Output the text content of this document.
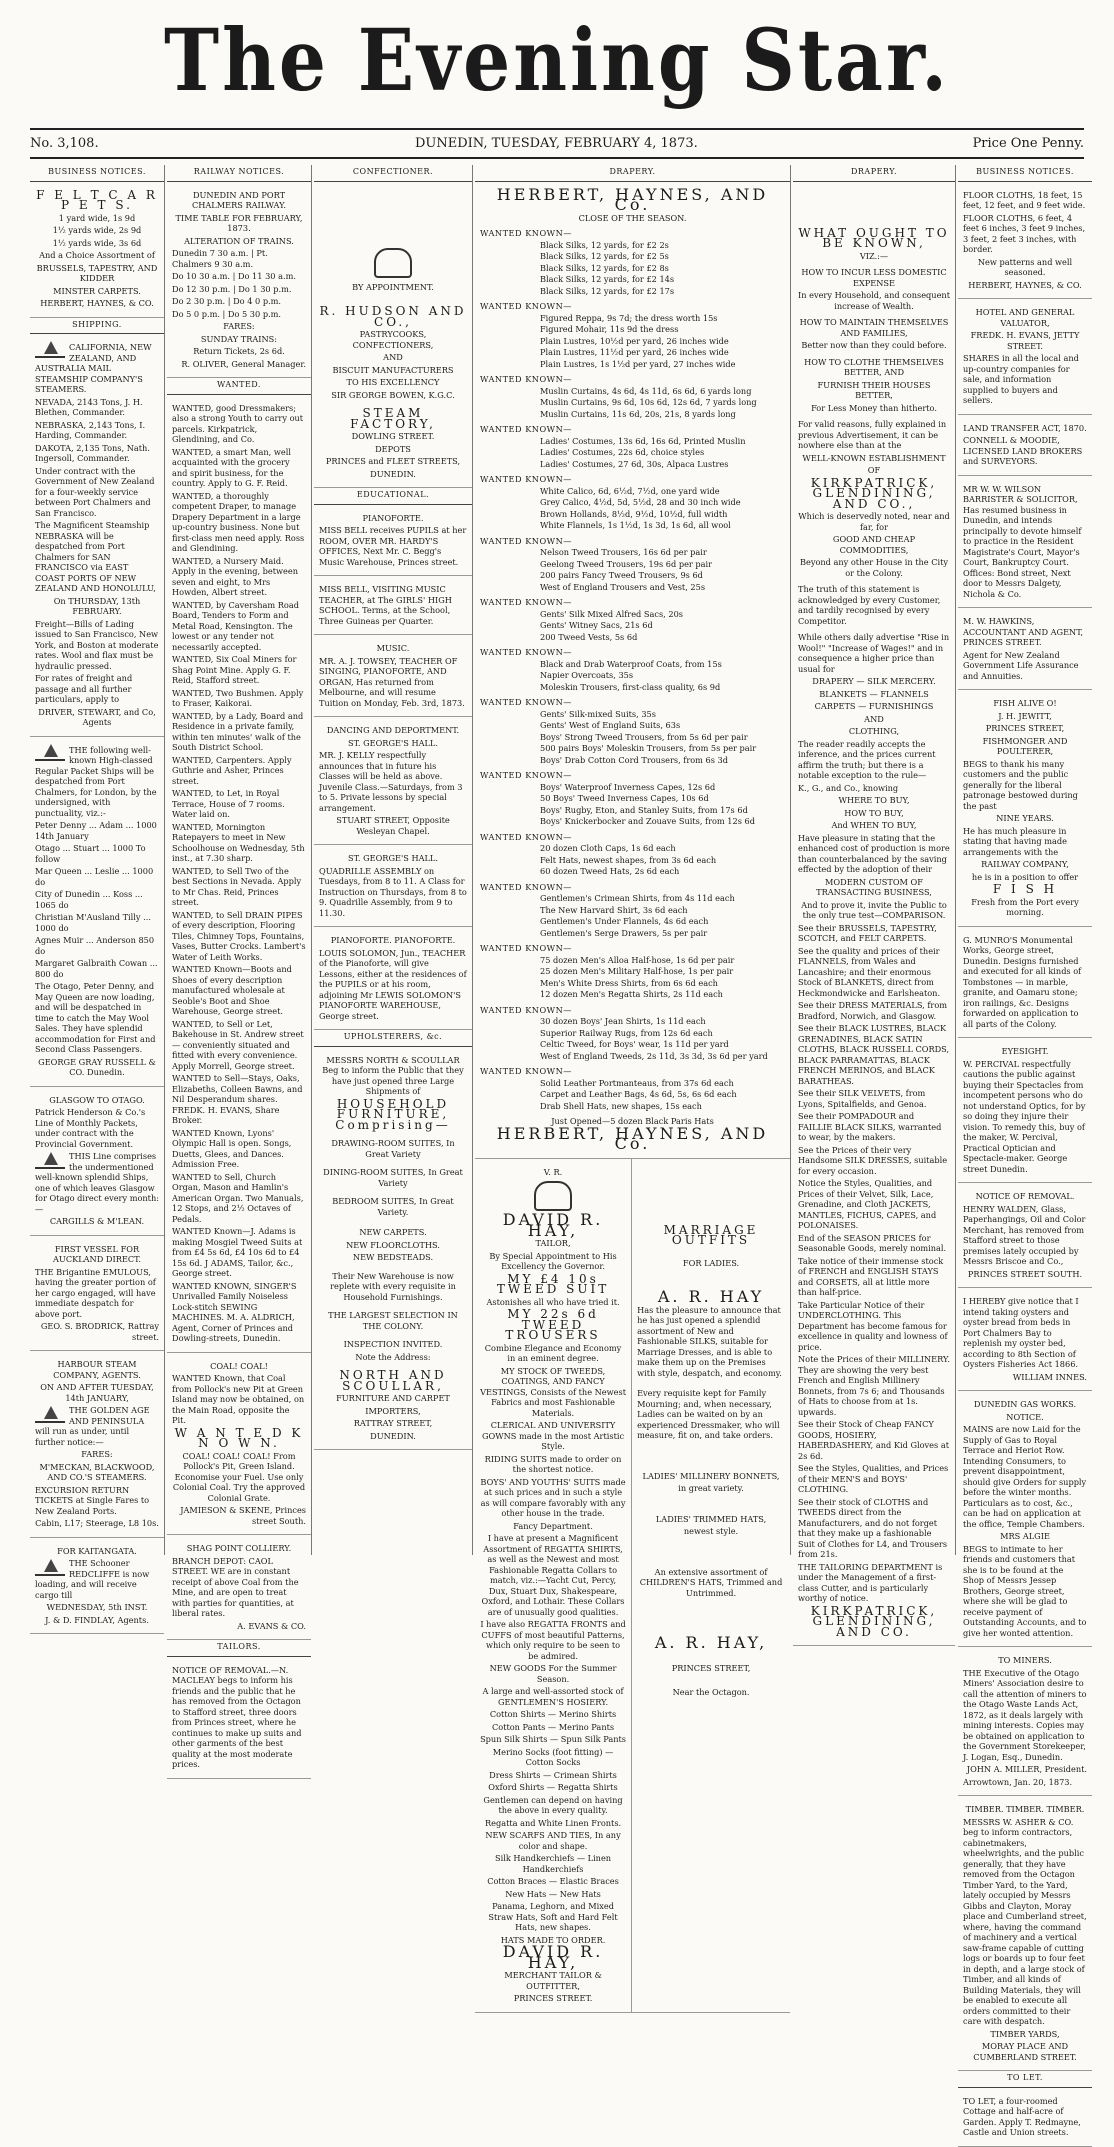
The Evening Star.
No. 3,108.	DUNEDIN, TUESDAY, FEBRUARY 4, 1873.	Price One Penny.
BUSINESS NOTICES.

F E L T C A R P E T S.

1 yard wide, 1s 9d

1½ yards wide, 2s 9d

1½ yards wide, 3s 6d

And a Choice Assortment of

BRUSSELS, TAPESTRY, AND KIDDER

MINSTER CARPETS.

HERBERT, HAYNES, & CO.

SHIPPING.

CALIFORNIA, NEW ZEALAND, AND AUSTRALIA MAIL STEAMSHIP COMPANY'S STEAMERS.

NEVADA, 2143 Tons, J. H. Blethen, Commander.

NEBRASKA, 2,143 Tons, I. Harding, Commander.

DAKOTA, 2,135 Tons, Nath. Ingersoll, Commander.

Under contract with the Government of New Zealand for a four-weekly service between Port Chalmers and San Francisco.

The Magnificent Steamship NEBRASKA will be despatched from Port Chalmers for SAN FRANCISCO via EAST COAST PORTS OF NEW ZEALAND AND HONOLULU,

On THURSDAY, 13th FEBRUARY.

Freight—Bills of Lading issued to San Francisco, New York, and Boston at moderate rates. Wool and flax must be hydraulic pressed.

For rates of freight and passage and all further particulars, apply to

DRIVER, STEWART, and Co, Agents

THE following well-known High-classed Regular Packet Ships will be despatched from Port Chalmers, for London, by the undersigned, with punctuality, viz.:-

Peter Denny ... Adam ... 1000 14th January

Otago ... Stuart ... 1000 To follow

Mar Queen ... Leslie ... 1000 do

City of Dunedin ... Koss ... 1065 do

Christian M'Ausland Tilly ... 1000 do

Agnes Muir ... Anderson 850 do

Margaret Galbraith Cowan ... 800 do

The Otago, Peter Denny, and May Queen are now loading, and will be despatched in time to catch the May Wool Sales. They have splendid accommodation for First and Second Class Passengers.

GEORGE GRAY RUSSELL & CO. Dunedin.

GLASGOW TO OTAGO.

Patrick Henderson & Co.'s Line of Monthly Packets, under contract with the Provincial Government.

THIS Line comprises the undermentioned well-known splendid Ships, one of which leaves Glasgow for Otago direct every month:—

CARGILLS & M'LEAN.

FIRST VESSEL FOR AUCKLAND DIRECT.

THE Brigantine EMULOUS, having the greater portion of her cargo engaged, will have immediate despatch for above port.

GEO. S. BRODRICK, Rattray street.

HARBOUR STEAM COMPANY, AGENTS.

ON AND AFTER TUESDAY, 14th JANUARY,

THE GOLDEN AGE AND PENINSULA will run as under, until further notice:—

FARES:

M'MECKAN, BLACKWOOD, AND CO.'S STEAMERS.

EXCURSION RETURN TICKETS at Single Fares to New Zealand Ports.

Cabin, L17; Steerage, L8 10s.

FOR KAITANGATA.

THE Schooner REDCLIFFE is now loading, and will receive cargo till

WEDNESDAY, 5th INST.

J. & D. FINDLAY, Agents.

RAILWAY NOTICES.

DUNEDIN AND PORT CHALMERS RAILWAY.

TIME TABLE FOR FEBRUARY, 1873.

ALTERATION OF TRAINS.

Dunedin 7 30 a.m. | Pt. Chalmers 9 30 a.m.

Do 10 30 a.m. | Do 11 30 a.m.

Do 12 30 p.m. | Do 1 30 p.m.

Do 2 30 p.m. | Do 4 0 p.m.

Do 5 0 p.m. | Do 5 30 p.m.

FARES:

SUNDAY TRAINS:

Return Tickets, 2s 6d.

R. OLIVER, General Manager.

WANTED.

WANTED, good Dressmakers; also a strong Youth to carry out parcels. Kirkpatrick, Glendining, and Co.

WANTED, a smart Man, well acquainted with the grocery and spirit business, for the country. Apply to G. F. Reid.

WANTED, a thoroughly competent Draper, to manage Drapery Department in a large up-country business. None but first-class men need apply. Ross and Glendining.

WANTED, a Nursery Maid. Apply in the evening, between seven and eight, to Mrs Howden, Albert street.

WANTED, by Caversham Road Board, Tenders to Form and Metal Road, Kensington. The lowest or any tender not necessarily accepted.

WANTED, Six Coal Miners for Shag Point Mine. Apply G. F. Reid, Stafford street.

WANTED, Two Bushmen. Apply to Fraser, Kaikorai.

WANTED, by a Lady, Board and Residence in a private family, within ten minutes' walk of the South District School.

WANTED, Carpenters. Apply Guthrie and Asher, Princes street.

WANTED, to Let, in Royal Terrace, House of 7 rooms. Water laid on.

WANTED, Mornington Ratepayers to meet in New Schoolhouse on Wednesday, 5th inst., at 7.30 sharp.

WANTED, to Sell Two of the best Sections in Nevada. Apply to Mr Chas. Reid, Princes street.

WANTED, to Sell DRAIN PIPES of every description, Flooring Tiles, Chimney Tops, Fountains, Vases, Butter Crocks. Lambert's Water of Leith Works.

WANTED Known—Boots and Shoes of every description manufactured wholesale at Seoble's Boot and Shoe Warehouse, George street.

WANTED, to Sell or Let, Bakehouse in St. Andrew street — conveniently situated and fitted with every convenience. Apply Morrell, George street.

WANTED to Sell—Stays, Oaks, Elizabeths, Colleen Bawns, and Nil Desperandum shares. FREDK. H. EVANS, Share Broker.

WANTED Known, Lyons' Olympic Hall is open. Songs, Duetts, Glees, and Dances. Admission Free.

WANTED to Sell, Church Organ, Mason and Hamlin's American Organ. Two Manuals, 12 Stops, and 2½ Octaves of Pedals.

WANTED Known—J. Adams is making Mosgiel Tweed Suits at from £4 5s 6d, £4 10s 6d to £4 15s 6d. J ADAMS, Tailor, &c., George street.

WANTED KNOWN, SINGER'S Unrivalled Family Noiseless Lock-stitch SEWING MACHINES. M. A. ALDRICH, Agent, Corner of Princes and Dowling-streets, Dunedin.

COAL! COAL!

WANTED Known, that Coal from Pollock's new Pit at Green Island may now be obtained, on the Main Road, opposite the Pit.

W A N T E D K N O W N.

COAL! COAL! COAL! From Pollock's Pit, Green Island. Economise your Fuel. Use only Colonial Coal. Try the approved Colonial Grate.

JAMIESON & SKENE, Princes street South.

SHAG POINT COLLIERY.

BRANCH DEPOT: CAOL STREET. WE are in constant receipt of above Coal from the Mine, and are open to treat with parties for quantities, at liberal rates.

A. EVANS & CO.

TAILORS.

NOTICE OF REMOVAL.—N. MACLEAY begs to inform his friends and the public that he has removed from the Octagon to Stafford street, three doors from Princes street, where he continues to make up suits and other garments of the best quality at the most moderate prices.

CONFECTIONER.

BY APPOINTMENT.

R. HUDSON AND CO.,

PASTRYCOOKS, CONFECTIONERS,

AND

BISCUIT MANUFACTURERS

TO HIS EXCELLENCY

SIR GEORGE BOWEN, K.G.C.

STEAM FACTORY,

DOWLING STREET.

DEPOTS

PRINCES and FLEET STREETS,

DUNEDIN.

EDUCATIONAL.

PIANOFORTE.

MISS BELL receives PUPILS at her ROOM, OVER MR. HARDY'S OFFICES, Next Mr. C. Begg's Music Warehouse, Princes street.

MISS BELL, VISITING MUSIC TEACHER, at The GIRLS' HIGH SCHOOL. Terms, at the School, Three Guineas per Quarter.

MUSIC.

MR. A. J. TOWSEY, TEACHER OF SINGING, PIANOFORTE, AND ORGAN, Has returned from Melbourne, and will resume Tuition on Monday, Feb. 3rd, 1873.

DANCING AND DEPORTMENT.

ST. GEORGE'S HALL.

MR. J. KELLY respectfully announces that in future his Classes will be held as above. Juvenile Class.—Saturdays, from 3 to 5. Private lessons by special arrangement.

STUART STREET, Opposite Wesleyan Chapel.

ST. GEORGE'S HALL.

QUADRILLE ASSEMBLY on Tuesdays, from 8 to 11. A Class for Instruction on Thursdays, from 8 to 9. Quadrille Assembly, from 9 to 11.30.

PIANOFORTE. PIANOFORTE.

LOUIS SOLOMON, Jun., TEACHER of the Pianoforte, will give Lessons, either at the residences of the PUPILS or at his room, adjoining Mr LEWIS SOLOMON'S PIANOFORTE WAREHOUSE, George street.

UPHOLSTERERS, &c.

MESSRS NORTH & SCOULLAR Beg to inform the Public that they have just opened three Large Shipments of

HOUSEHOLD FURNITURE, Comprising—

DRAWING-ROOM SUITES, In Great Variety

DINING-ROOM SUITES, In Great Variety

BEDROOM SUITES, In Great Variety.

NEW CARPETS.

NEW FLOORCLOTHS.

NEW BEDSTEADS.

Their New Warehouse is now replete with every requisite in Household Furnishings.

THE LARGEST SELECTION IN THE COLONY.

INSPECTION INVITED.

Note the Address:

NORTH AND SCOULLAR,

FURNITURE AND CARPET

IMPORTERS,

RATTRAY STREET,

DUNEDIN.

DRAPERY.

HERBERT, HAYNES, AND Co.

CLOSE OF THE SEASON.

WANTED KNOWN—

Black Silks, 12 yards, for £2 2s

Black Silks, 12 yards, for £2 5s

Black Silks, 12 yards, for £2 8s

Black Silks, 12 yards, for £2 14s

Black Silks, 12 yards, for £2 17s

WANTED KNOWN—

Figured Reppa, 9s 7d; the dress worth 15s

Figured Mohair, 11s 9d the dress

Plain Lustres, 10½d per yard, 26 inches wide

Plain Lustres, 11½d per yard, 26 inches wide

Plain Lustres, 1s 1½d per yard, 27 inches wide

WANTED KNOWN—

Muslin Curtains, 4s 6d, 4s 11d, 6s 6d, 6 yards long

Muslin Curtains, 9s 6d, 10s 6d, 12s 6d, 7 yards long

Muslin Curtains, 11s 6d, 20s, 21s, 8 yards long

WANTED KNOWN—

Ladies' Costumes, 13s 6d, 16s 6d, Printed Muslin

Ladies' Costumes, 22s 6d, choice styles

Ladies' Costumes, 27 6d, 30s, Alpaca Lustres

WANTED KNOWN—

White Calico, 6d, 6½d, 7½d, one yard wide

Grey Calico, 4½d, 5d, 5½d, 28 and 30 inch wide

Brown Hollands, 8½d, 9½d, 10½d, full width

White Flannels, 1s 1½d, 1s 3d, 1s 6d, all wool

WANTED KNOWN—

Nelson Tweed Trousers, 16s 6d per pair

Geelong Tweed Trousers, 19s 6d per pair

200 pairs Fancy Tweed Trousers, 9s 6d

West of England Trousers and Vest, 25s

WANTED KNOWN—

Gents' Silk Mixed Alfred Sacs, 20s

Gents' Witney Sacs, 21s 6d

200 Tweed Vests, 5s 6d

WANTED KNOWN—

Black and Drab Waterproof Coats, from 15s

Napier Overcoats, 35s

Moleskin Trousers, first-class quality, 6s 9d

WANTED KNOWN—

Gents' Silk-mixed Suits, 35s

Gents' West of England Suits, 63s

Boys' Strong Tweed Trousers, from 5s 6d per pair

500 pairs Boys' Moleskin Trousers, from 5s per pair

Boys' Drab Cotton Cord Trousers, from 6s 3d

WANTED KNOWN—

Boys' Waterproof Inverness Capes, 12s 6d

50 Boys' Tweed Inverness Capes, 10s 6d

Boys' Rugby, Eton, and Stanley Suits, from 17s 6d

Boys' Knickerbocker and Zouave Suits, from 12s 6d

WANTED KNOWN—

20 dozen Cloth Caps, 1s 6d each

Felt Hats, newest shapes, from 3s 6d each

60 dozen Tweed Hats, 2s 6d each

WANTED KNOWN—

Gentlemen's Crimean Shirts, from 4s 11d each

The New Harvard Shirt, 3s 6d each

Gentlemen's Under Flannels, 4s 6d each

Gentlemen's Serge Drawers, 5s per pair

WANTED KNOWN—

75 dozen Men's Alloa Half-hose, 1s 6d per pair

25 dozen Men's Military Half-hose, 1s per pair

Men's White Dress Shirts, from 6s 6d each

12 dozen Men's Regatta Shirts, 2s 11d each

WANTED KNOWN—

30 dozen Boys' Jean Shirts, 1s 11d each

Superior Railway Rugs, from 12s 6d each

Celtic Tweed, for Boys' wear, 1s 11d per yard

West of England Tweeds, 2s 11d, 3s 3d, 3s 6d per yard

WANTED KNOWN—

Solid Leather Portmanteaus, from 37s 6d each

Carpet and Leather Bags, 4s 6d, 5s, 6s 6d each

Drab Shell Hats, new shapes, 15s each

Just Opened—5 dozen Black Paris Hats

HERBERT, HAYNES, AND Co.

V. R.

DAVID R. HAY,

TAILOR,

By Special Appointment to His Excellency the Governor.

MY £4 10s TWEED SUIT

Astonishes all who have tried it.

MY 22s 6d TWEED TROUSERS

Combine Elegance and Economy in an eminent degree.

MY STOCK OF TWEEDS, COATINGS, AND FANCY VESTINGS, Consists of the Newest Fabrics and most Fashionable Materials.

CLERICAL AND UNIVERSITY GOWNS made in the most Artistic Style.

RIDING SUITS made to order on the shortest notice.

BOYS' AND YOUTHS' SUITS made at such prices and in such a style as will compare favorably with any other house in the trade.

Fancy Department.

I have at present a Magnificent Assortment of REGATTA SHIRTS, as well as the Newest and most Fashionable Regatta Collars to match, viz.:—Yacht Cut, Percy, Dux, Stuart Dux, Shakespeare, Oxford, and Lothair. These Collars are of unusually good qualities.

I have also REGATTA FRONTS and CUFFS of most beautiful Patterns, which only require to be seen to be admired.

NEW GOODS For the Summer Season.

A large and well-assorted stock of GENTLEMEN'S HOSIERY.

Cotton Shirts — Merino Shirts

Cotton Pants — Merino Pants

Spun Silk Shirts — Spun Silk Pants

Merino Socks (foot fitting) — Cotton Socks

Dress Shirts — Crimean Shirts

Oxford Shirts — Regatta Shirts

Gentlemen can depend on having the above in every quality.

Regatta and White Linen Fronts.

NEW SCARFS AND TIES, In any color and shape.

Silk Handkerchiefs — Linen Handkerchiefs

Cotton Braces — Elastic Braces

New Hats — New Hats

Panama, Leghorn, and Mixed Straw Hats, Soft and Hard Felt Hats, new shapes.

HATS MADE TO ORDER.

DAVID R. HAY,

MERCHANT TAILOR & OUTFITTER,

PRINCES STREET.

MARRIAGE OUTFITS

FOR LADIES.

A. R. HAY

Has the pleasure to announce that he has just opened a splendid assortment of New and Fashionable SILKS, suitable for Marriage Dresses, and is able to make them up on the Premises with style, despatch, and economy.

Every requisite kept for Family Mourning; and, when necessary, Ladies can be waited on by an experienced Dressmaker, who will measure, fit on, and take orders.

LADIES' MILLINERY BONNETS,

in great variety.

LADIES' TRIMMED HATS,

newest style.

An extensive assortment of CHILDREN'S HATS, Trimmed and Untrimmed.

A. R. HAY,

PRINCES STREET,

Near the Octagon.

DRAPERY.

WHAT OUGHT TO BE KNOWN,

VIZ.:—

HOW TO INCUR LESS DOMESTIC EXPENSE

In every Household, and consequent increase of Wealth.

HOW TO MAINTAIN THEMSELVES AND FAMILIES,

Better now than they could before.

HOW TO CLOTHE THEMSELVES BETTER, AND

FURNISH THEIR HOUSES BETTER,

For Less Money than hitherto.

For valid reasons, fully explained in previous Advertisement, it can be nowhere else than at the

WELL-KNOWN ESTABLISHMENT

OF

KIRKPATRICK, GLENDINING, AND CO.,

Which is deservedly noted, near and far, for

GOOD AND CHEAP COMMODITIES,

Beyond any other House in the City or the Colony.

The truth of this statement is acknowledged by every Customer, and tardily recognised by every Competitor.

While others daily advertise "Rise in Wool!" "Increase of Wages!" and in consequence a higher price than usual for

DRAPERY — SILK MERCERY.

BLANKETS — FLANNELS

CARPETS — FURNISHINGS

AND

CLOTHING,

The reader readily accepts the inference, and the prices current affirm the truth; but there is a notable exception to the rule—

K., G., and Co., knowing

WHERE TO BUY,

HOW TO BUY,

And WHEN TO BUY,

Have pleasure in stating that the enhanced cost of production is more than counterbalanced by the saving effected by the adoption of their

MODERN CUSTOM OF TRANSACTING BUSINESS,

And to prove it, invite the Public to the only true test—COMPARISON.

See their BRUSSELS, TAPESTRY, SCOTCH, and FELT CARPETS.

See the quality and prices of their FLANNELS, from Wales and Lancashire; and their enormous Stock of BLANKETS, direct from Heckmondwicke and Earlsheaton.

See their DRESS MATERIALS, from Bradford, Norwich, and Glasgow.

See their BLACK LUSTRES, BLACK GRENADINES, BLACK SATIN CLOTHS, BLACK RUSSELL CORDS, BLACK PARRAMATTAS, BLACK FRENCH MERINOS, and BLACK BARATHEAS.

See their SILK VELVETS, from Lyons, Spitalfields, and Genoa.

See their POMPADOUR and FAILLIE BLACK SILKS, warranted to wear, by the makers.

See the Prices of their very Handsome SILK DRESSES, suitable for every occasion.

Notice the Styles, Qualities, and Prices of their Velvet, Silk, Lace, Grenadine, and Cloth JACKETS, MANTLES, FICHUS, CAPES, and POLONAISES.

End of the SEASON PRICES for Seasonable Goods, merely nominal.

Take notice of their immense stock of FRENCH and ENGLISH STAYS and CORSETS, all at little more than half-price.

Take Particular Notice of their UNDERCLOTHING. This Department has become famous for excellence in quality and lowness of price.

Note the Prices of their MILLINERY. They are showing the very best French and English Millinery Bonnets, from 7s 6; and Thousands of Hats to choose from at 1s. upwards.

See their Stock of Cheap FANCY GOODS, HOSIERY, HABERDASHERY, and Kid Gloves at 2s 6d.

See the Styles, Qualities, and Prices of their MEN'S and BOYS' CLOTHING.

See their stock of CLOTHS and TWEEDS direct from the Manufacturers, and do not forget that they make up a fashionable Suit of Clothes for L4, and Trousers from 21s.

THE TAILORING DEPARTMENT is under the Management of a first-class Cutter, and is particularly worthy of notice.

KIRKPATRICK, GLENDINING, AND CO.

BUSINESS NOTICES.

FLOOR CLOTHS, 18 feet, 15 feet, 12 feet, and 9 feet wide.

FLOOR CLOTHS, 6 feet, 4 feet 6 inches, 3 feet 9 inches, 3 feet, 2 feet 3 inches, with border.

New patterns and well seasoned.

HERBERT, HAYNES, & CO.

HOTEL AND GENERAL VALUATOR,

FREDK. H. EVANS, JETTY STREET.

SHARES in all the local and up-country companies for sale, and information supplied to buyers and sellers.

LAND TRANSFER ACT, 1870.

CONNELL & MOODIE, LICENSED LAND BROKERS and SURVEYORS.

MR W. W. WILSON BARRISTER & SOLICITOR, Has resumed business in Dunedin, and intends principally to devote himself to practice in the Resident Magistrate's Court, Mayor's Court, Bankruptcy Court. Offices: Bond street, Next door to Messrs Dalgety, Nichola & Co.

M. W. HAWKINS, ACCOUNTANT AND AGENT, PRINCES STREET.

Agent for New Zealand Government Life Assurance and Annuities.

FISH ALIVE O!

J. H. JEWITT,

PRINCES STREET,

FISHMONGER AND POULTERER,

BEGS to thank his many customers and the public generally for the liberal patronage bestowed during the past

NINE YEARS.

He has much pleasure in stating that having made arrangements with the

RAILWAY COMPANY,

he is in a position to offer

F I S H

Fresh from the Port every morning.

G. MUNRO'S Monumental Works, George street, Dunedin. Designs furnished and executed for all kinds of Tombstones — in marble, granite, and Oamaru stone; iron railings, &c. Designs forwarded on application to all parts of the Colony.

EYESIGHT.

W. PERCIVAL respectfully cautions the public against buying their Spectacles from incompetent persons who do not understand Optics, for by so doing they injure their vision. To remedy this, buy of the maker, W. Percival, Practical Optician and Spectacle-maker. George street Dunedin.

NOTICE OF REMOVAL.

HENRY WALDEN, Glass, Paperhangings, Oil and Color Merchant, has removed from Stafford street to those premises lately occupied by Messrs Briscoe and Co.,

PRINCES STREET SOUTH.

I HEREBY give notice that I intend taking oysters and oyster bread from beds in Port Chalmers Bay to replenish my oyster bed, according to 8th Section of Oysters Fisheries Act 1866.

WILLIAM INNES.

DUNEDIN GAS WORKS.

NOTICE.

MAINS are now Laid for the Supply of Gas to Royal Terrace and Heriot Row. Intending Consumers, to prevent disappointment, should give Orders for supply before the winter months. Particulars as to cost, &c., can be had on application at the office, Temple Chambers.

MRS ALGIE

BEGS to intimate to her friends and customers that she is to be found at the Shop of Messrs Jessep Brothers, George street, where she will be glad to receive payment of Outstanding Accounts, and to give her wonted attention.

TO MINERS.

THE Executive of the Otago Miners' Association desire to call the attention of miners to the Otago Waste Lands Act, 1872, as it deals largely with mining interests. Copies may be obtained on application to the Government Storekeeper, J. Logan, Esq., Dunedin.

JOHN A. MILLER, President.

Arrowtown, Jan. 20, 1873.

TIMBER. TIMBER. TIMBER.

MESSRS W. ASHER & CO. beg to inform contractors, cabinetmakers, wheelwrights, and the public generally, that they have removed from the Octagon Timber Yard, to the Yard, lately occupied by Messrs Gibbs and Clayton, Moray place and Cumberland street, where, having the command of machinery and a vertical saw-frame capable of cutting logs or boards up to four feet in depth, and a large stock of Timber, and all kinds of Building Materials, they will be enabled to execute all orders committed to their care with despatch.

TIMBER YARDS,

MORAY PLACE AND CUMBERLAND STREET.

TO LET.

TO LET, a four-roomed Cottage and half-acre of Garden. Apply T. Redmayne, Castle and Union streets.
